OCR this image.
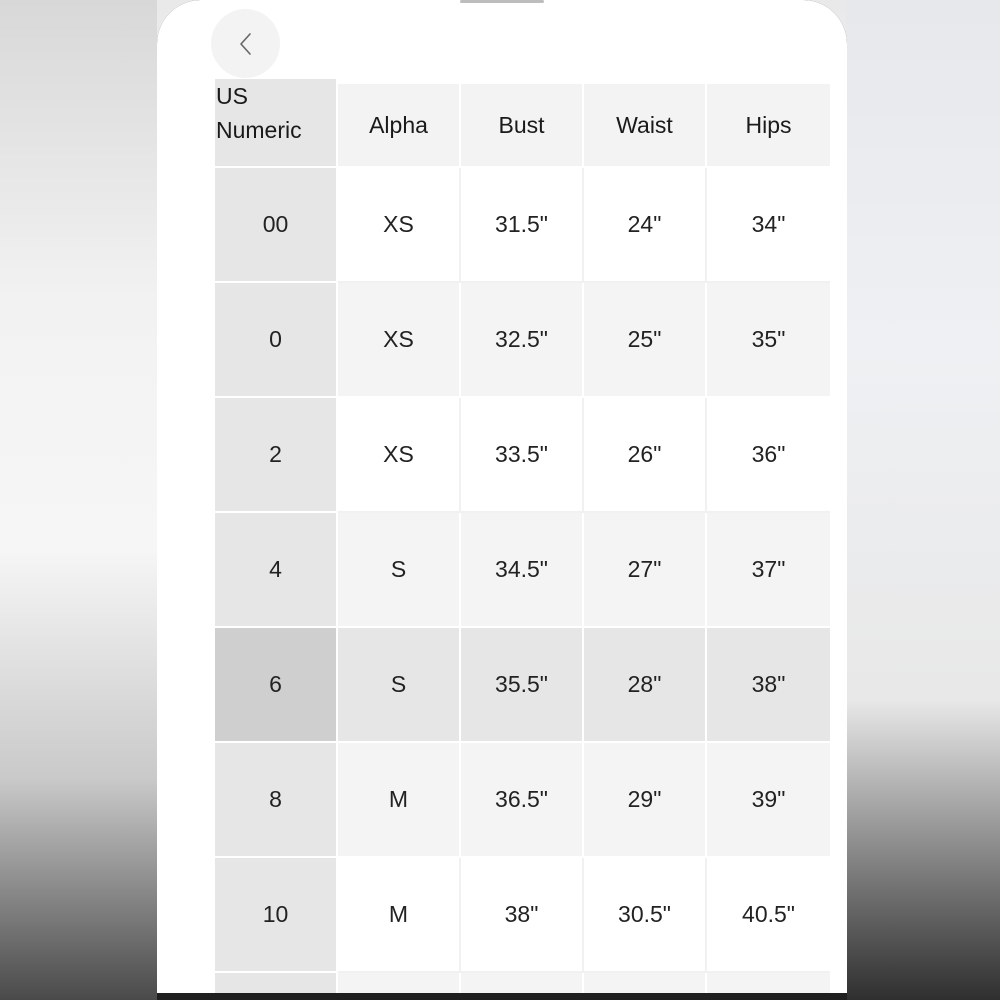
US
Numeric	Alpha	Bust	Waist	Hips
00	XS	31.5"	24"	34"
0	XS	32.5"	25"	35"
2	XS	33.5"	26"	36"
4	S	34.5"	27"	37"
6	S	35.5"	28"	38"
8	M	36.5"	29"	39"
10	M	38"	30.5"	40.5"
